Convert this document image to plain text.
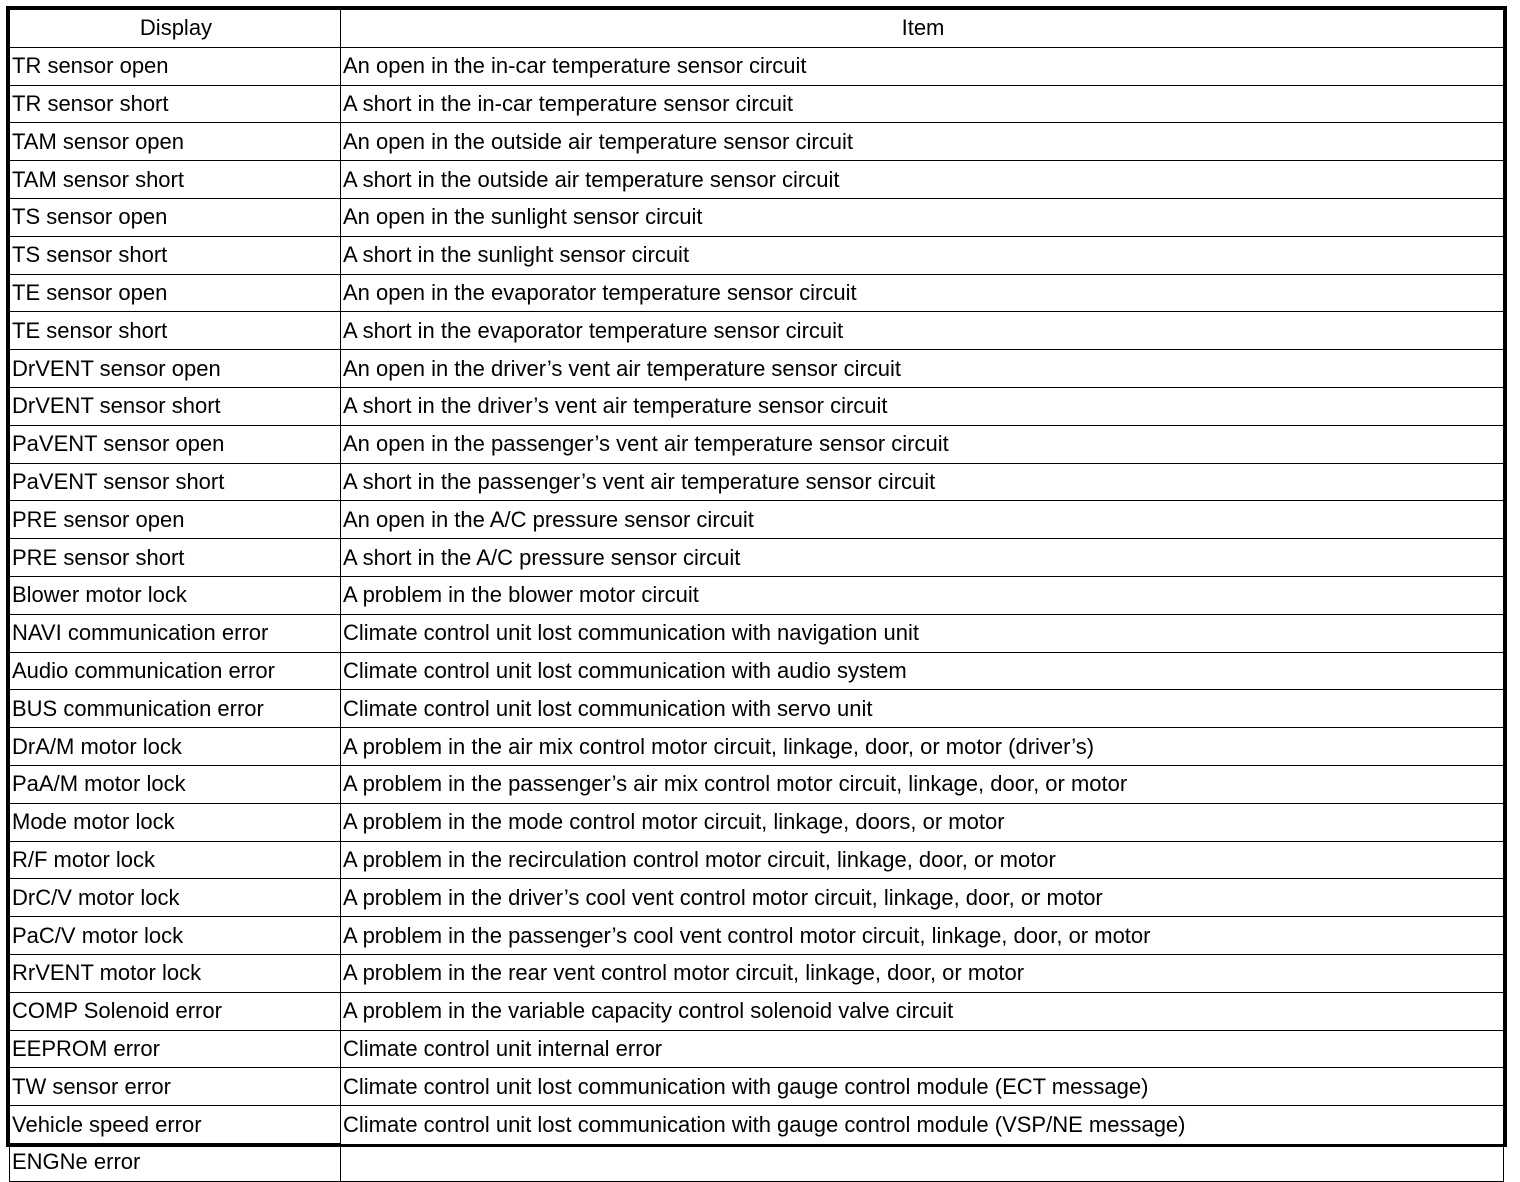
Display	Item
TR sensor open	An open in the in-car temperature sensor circuit
TR sensor short	A short in the in-car temperature sensor circuit
TAM sensor open	An open in the outside air temperature sensor circuit
TAM sensor short	A short in the outside air temperature sensor circuit
TS sensor open	An open in the sunlight sensor circuit
TS sensor short	A short in the sunlight sensor circuit
TE sensor open	An open in the evaporator temperature sensor circuit
TE sensor short	A short in the evaporator temperature sensor circuit
DrVENT sensor open	An open in the driver’s vent air temperature sensor circuit
DrVENT sensor short	A short in the driver’s vent air temperature sensor circuit
PaVENT sensor open	An open in the passenger’s vent air temperature sensor circuit
PaVENT sensor short	A short in the passenger’s vent air temperature sensor circuit
PRE sensor open	An open in the A/C pressure sensor circuit
PRE sensor short	A short in the A/C pressure sensor circuit
Blower motor lock	A problem in the blower motor circuit
NAVI communication error	Climate control unit lost communication with navigation unit
Audio communication error	Climate control unit lost communication with audio system
BUS communication error	Climate control unit lost communication with servo unit
DrA/M motor lock	A problem in the air mix control motor circuit, linkage, door, or motor (driver’s)
PaA/M motor lock	A problem in the passenger’s air mix control motor circuit, linkage, door, or motor
Mode motor lock	A problem in the mode control motor circuit, linkage, doors, or motor
R/F motor lock	A problem in the recirculation control motor circuit, linkage, door, or motor
DrC/V motor lock	A problem in the driver’s cool vent control motor circuit, linkage, door, or motor
PaC/V motor lock	A problem in the passenger’s cool vent control motor circuit, linkage, door, or motor
RrVENT motor lock	A problem in the rear vent control motor circuit, linkage, door, or motor
COMP Solenoid error	A problem in the variable capacity control solenoid valve circuit
EEPROM error	Climate control unit internal error
TW sensor error	Climate control unit lost communication with gauge control module (ECT message)
Vehicle speed error	Climate control unit lost communication with gauge control module (VSP/NE message)
ENGNe error	
